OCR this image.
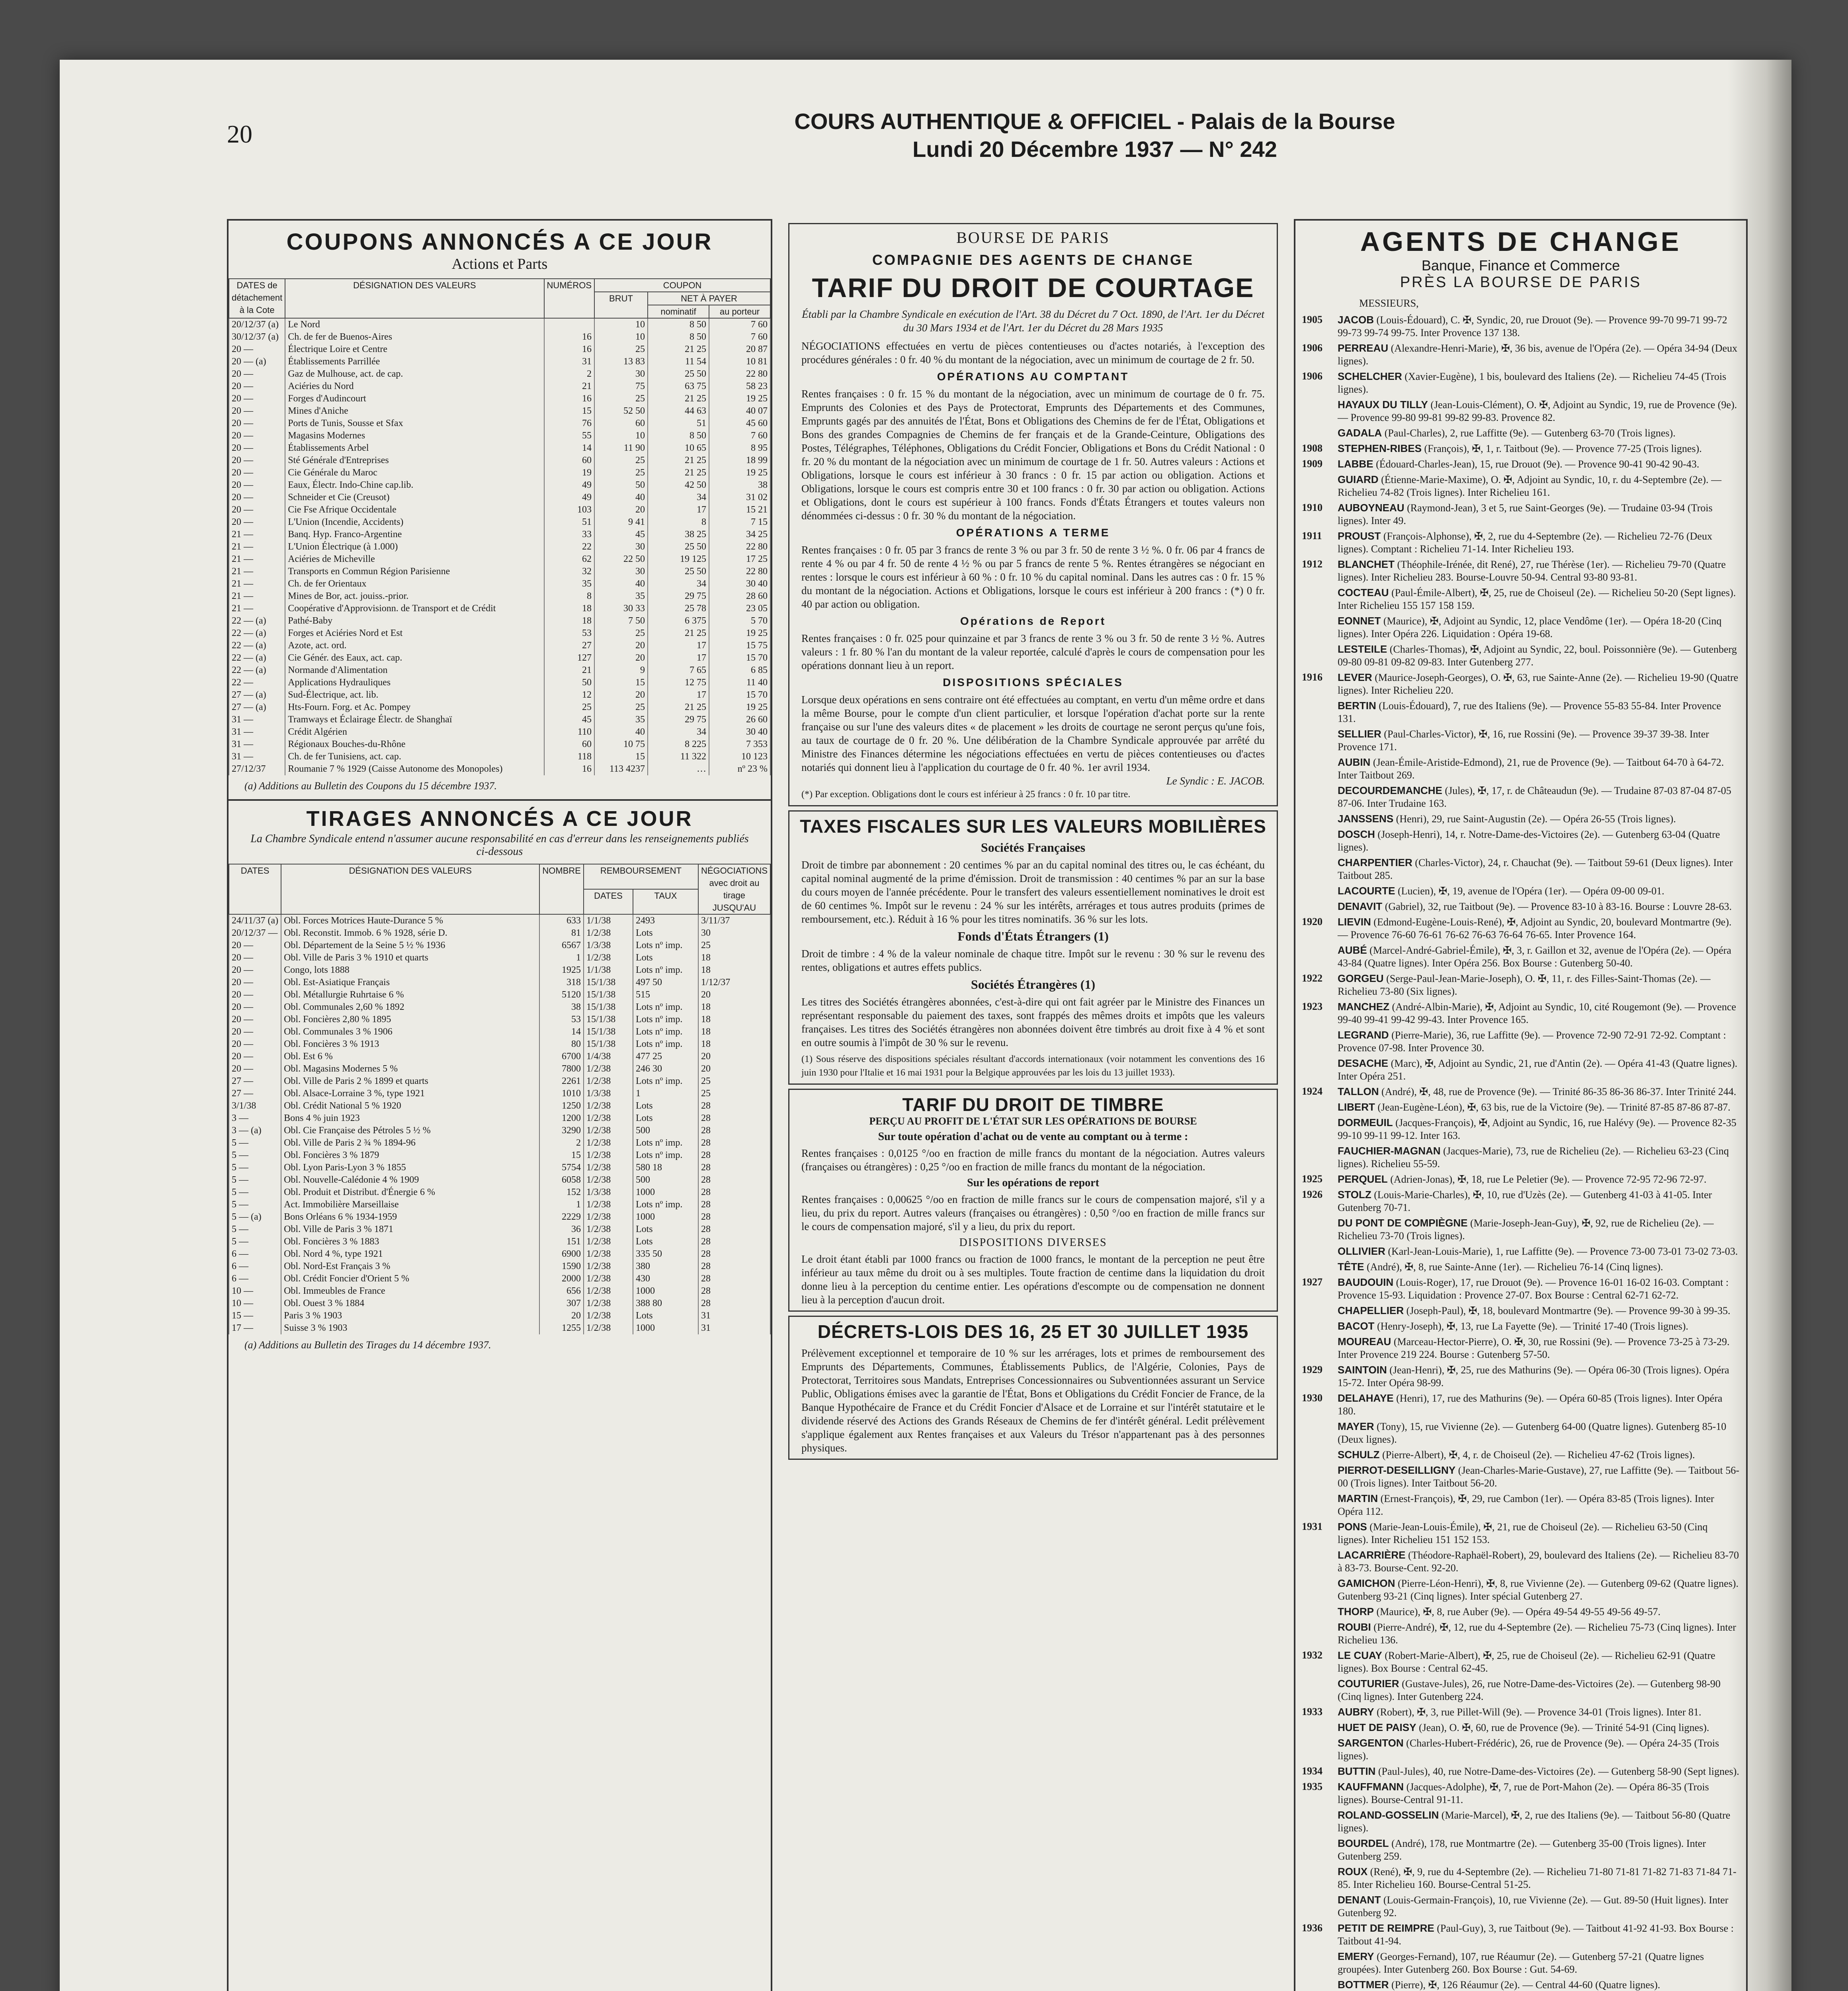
20	COURS AUTHENTIQUE & OFFICIEL - Palais de la Bourse
Lundi 20 Décembre 1937 — N° 242
COUPONS ANNONCÉS A CE JOUR
Actions et Parts
DATES de détachement à la Cote	DÉSIGNATION DES VALEURS	NUMÉROS	COUPON		
			BRUT	NET À PAYER	
				nominatif	au porteur
20/12/37 (a)	Le Nord		10	8 50	7 60
30/12/37 (a)	Ch. de fer de Buenos-Aires	16	10	8 50	7 60
20 —	Électrique Loire et Centre	16	25	21 25	20 87
20 — (a)	Établissements Parrillée	31	13 83	11 54	10 81
20 —	Gaz de Mulhouse, act. de cap.	2	30	25 50	22 80
20 —	Aciéries du Nord	21	75	63 75	58 23
20 —	Forges d'Audincourt	16	25	21 25	19 25
20 —	Mines d'Aniche	15	52 50	44 63	40 07
20 —	Ports de Tunis, Sousse et Sfax	76	60	51	45 60
20 —	Magasins Modernes	55	10	8 50	7 60
20 —	Établissements Arbel	14	11 90	10 65	8 95
20 —	Sté Générale d'Entreprises	60	25	21 25	18 99
20 —	Cie Générale du Maroc	19	25	21 25	19 25
20 —	Eaux, Électr. Indo-Chine cap.lib.	49	50	42 50	38
20 —	Schneider et Cie (Creusot)	49	40	34	31 02
20 —	Cie Fse Afrique Occidentale	103	20	17	15 21
20 —	L'Union (Incendie, Accidents)	51	9 41	8	7 15
21 —	Banq. Hyp. Franco-Argentine	33	45	38 25	34 25
21 —	L'Union Électrique (à 1.000)	22	30	25 50	22 80
21 —	Aciéries de Micheville	62	22 50	19 125	17 25
21 —	Transports en Commun Région Parisienne	32	30	25 50	22 80
21 —	Ch. de fer Orientaux	35	40	34	30 40
21 —	Mines de Bor, act. jouiss.-prior.	8	35	29 75	28 60
21 —	Coopérative d'Approvisionn. de Transport et de Crédit	18	30 33	25 78	23 05
22 — (a)	Pathé-Baby	18	7 50	6 375	5 70
22 — (a)	Forges et Aciéries Nord et Est	53	25	21 25	19 25
22 — (a)	Azote, act. ord.	27	20	17	15 75
22 — (a)	Cie Génér. des Eaux, act. cap.	127	20	17	15 70
22 — (a)	Normande d'Alimentation	21	9	7 65	6 85
22 —	Applications Hydrauliques	50	15	12 75	11 40
27 — (a)	Sud-Électrique, act. lib.	12	20	17	15 70
27 — (a)	Hts-Fourn. Forg. et Ac. Pompey	25	25	21 25	19 25
31 —	Tramways et Éclairage Électr. de Shanghaï	45	35	29 75	26 60
31 —	Crédit Algérien	110	40	34	30 40
31 —	Régionaux Bouches-du-Rhône	60	10 75	8 225	7 353
31 —	Ch. de fer Tunisiens, act. cap.	118	15	11 322	10 123
27/12/37	Roumanie 7 % 1929 (Caisse Autonome des Monopoles)	16	113 4237	…	nº 23 %
(a) Additions au Bulletin des Coupons du 15 décembre 1937.
TIRAGES ANNONCÉS A CE JOUR
La Chambre Syndicale entend n'assumer aucune responsabilité en cas d'erreur dans les renseignements publiés ci-dessous
DATES	DÉSIGNATION DES VALEURS	NOMBRE	REMBOURSEMENT		NÉGOCIATIONS avec droit au tirage JUSQU'AU
			DATES	TAUX	
24/11/37 (a)	Obl. Forces Motrices Haute-Durance 5 %	633	1/1/38	2493	3/11/37
20/12/37 —	Obl. Reconstit. Immob. 6 % 1928, série D.	81	1/2/38	Lots	30
20 —	Obl. Département de la Seine 5 ½ % 1936	6567	1/3/38	Lots nº imp.	25
20 —	Obl. Ville de Paris 3 % 1910 et quarts	1	1/2/38	Lots	18
20 —	Congo, lots 1888	1925	1/1/38	Lots nº imp.	18
20 —	Obl. Est-Asiatique Français	318	15/1/38	497 50	1/12/37
20 —	Obl. Métallurgie Ruhrtaise 6 %	5120	15/1/38	515	20
20 —	Obl. Communales 2,60 % 1892	38	15/1/38	Lots nº imp.	18
20 —	Obl. Foncières 2,80 % 1895	53	15/1/38	Lots nº imp.	18
20 —	Obl. Communales 3 % 1906	14	15/1/38	Lots nº imp.	18
20 —	Obl. Foncières 3 % 1913	80	15/1/38	Lots nº imp.	18
20 —	Obl. Est 6 %	6700	1/4/38	477 25	20
20 —	Obl. Magasins Modernes 5 %	7800	1/2/38	246 30	20
27 —	Obl. Ville de Paris 2 % 1899 et quarts	2261	1/2/38	Lots nº imp.	25
27 —	Obl. Alsace-Lorraine 3 %, type 1921	1010	1/3/38	1	25
3/1/38	Obl. Crédit National 5 % 1920	1250	1/2/38	Lots	28
3 —	Bons 4 % juin 1923	1200	1/2/38	Lots	28
3 — (a)	Obl. Cie Française des Pétroles 5 ½ %	3290	1/2/38	500	28
5 —	Obl. Ville de Paris 2 ¾ % 1894-96	2	1/2/38	Lots nº imp.	28
5 —	Obl. Foncières 3 % 1879	15	1/2/38	Lots nº imp.	28
5 —	Obl. Lyon Paris-Lyon 3 % 1855	5754	1/2/38	580 18	28
5 —	Obl. Nouvelle-Calédonie 4 % 1909	6058	1/2/38	500	28
5 —	Obl. Produit et Distribut. d'Énergie 6 %	152	1/3/38	1000	28
5 —	Act. Immobilière Marseillaise	1	1/2/38	Lots nº imp.	28
5 — (a)	Bons Orléans 6 % 1934-1959	2229	1/2/38	1000	28
5 —	Obl. Ville de Paris 3 % 1871	36	1/2/38	Lots	28
5 —	Obl. Foncières 3 % 1883	151	1/2/38	Lots	28
6 —	Obl. Nord 4 %, type 1921	6900	1/2/38	335 50	28
6 —	Obl. Nord-Est Français 3 %	1590	1/2/38	380	28
6 —	Obl. Crédit Foncier d'Orient 5 %	2000	1/2/38	430	28
10 —	Obl. Immeubles de France	656	1/2/38	1000	28
10 —	Obl. Ouest 3 % 1884	307	1/2/38	388 80	28
15 —	Paris 3 % 1903	20	1/2/38	Lots	31
17 —	Suisse 3 % 1903	1255	1/2/38	1000	31
(a) Additions au Bulletin des Tirages du 14 décembre 1937.
BOURSE DE PARIS
COMPAGNIE DES AGENTS DE CHANGE
TARIF DU DROIT DE COURTAGE
Établi par la Chambre Syndicale en exécution de l'Art. 38 du Décret du 7 Oct. 1890, de l'Art. 1er du Décret du 30 Mars 1934 et de l'Art. 1er du Décret du 28 Mars 1935
NÉGOCIATIONS effectuées en vertu de pièces contentieuses ou d'actes notariés, à l'exception des procédures générales : 0 fr. 40 % du montant de la négociation, avec un minimum de courtage de 2 fr. 50.
OPÉRATIONS AU COMPTANT
Rentes françaises : 0 fr. 15 % du montant de la négociation, avec un minimum de courtage de 0 fr. 75. Emprunts des Colonies et des Pays de Protectorat, Emprunts des Départements et des Communes, Emprunts gagés par des annuités de l'État, Bons et Obligations des Chemins de fer de l'État, Obligations et Bons des grandes Compagnies de Chemins de fer français et de la Grande-Ceinture, Obligations des Postes, Télégraphes, Téléphones, Obligations du Crédit Foncier, Obligations et Bons du Crédit National : 0 fr. 20 % du montant de la négociation avec un minimum de courtage de 1 fr. 50. Autres valeurs : Actions et Obligations, lorsque le cours est inférieur à 30 francs : 0 fr. 15 par action ou obligation. Actions et Obligations, lorsque le cours est compris entre 30 et 100 francs : 0 fr. 30 par action ou obligation. Actions et Obligations, dont le cours est supérieur à 100 francs. Fonds d'États Étrangers et toutes valeurs non dénommées ci-dessus : 0 fr. 30 % du montant de la négociation.
OPÉRATIONS A TERME
Rentes françaises : 0 fr. 05 par 3 francs de rente 3 % ou par 3 fr. 50 de rente 3 ½ %. 0 fr. 06 par 4 francs de rente 4 % ou par 4 fr. 50 de rente 4 ½ % ou par 5 francs de rente 5 %. Rentes étrangères se négociant en rentes : lorsque le cours est inférieur à 60 % : 0 fr. 10 % du capital nominal. Dans les autres cas : 0 fr. 15 % du montant de la négociation. Actions et Obligations, lorsque le cours est inférieur à 200 francs : (*) 0 fr. 40 par action ou obligation.
Opérations de Report
Rentes françaises : 0 fr. 025 pour quinzaine et par 3 francs de rente 3 % ou 3 fr. 50 de rente 3 ½ %. Autres valeurs : 1 fr. 80 % l'an du montant de la valeur reportée, calculé d'après le cours de compensation pour les opérations donnant lieu à un report.
DISPOSITIONS SPÉCIALES
Lorsque deux opérations en sens contraire ont été effectuées au comptant, en vertu d'un même ordre et dans la même Bourse, pour le compte d'un client particulier, et lorsque l'opération d'achat porte sur la rente française ou sur l'une des valeurs dites « de placement » les droits de courtage ne seront perçus qu'une fois, au taux de courtage de 0 fr. 20 %. Une délibération de la Chambre Syndicale approuvée par arrêté du Ministre des Finances détermine les négociations effectuées en vertu de pièces contentieuses ou d'actes notariés qui donnent lieu à l'application du courtage de 0 fr. 40 %. 1er avril 1934.
Le Syndic : E. JACOB.
(*) Par exception. Obligations dont le cours est inférieur à 25 francs : 0 fr. 10 par titre.
TAXES FISCALES SUR LES VALEURS MOBILIÈRES
Sociétés Françaises
Droit de timbre par abonnement : 20 centimes % par an du capital nominal des titres ou, le cas échéant, du capital nominal augmenté de la prime d'émission. Droit de transmission : 40 centimes % par an sur la base du cours moyen de l'année précédente. Pour le transfert des valeurs essentiellement nominatives le droit est de 60 centimes %. Impôt sur le revenu : 24 % sur les intérêts, arrérages et tous autres produits (primes de remboursement, etc.). Réduit à 16 % pour les titres nominatifs. 36 % sur les lots.
Fonds d'États Étrangers (1)
Droit de timbre : 4 % de la valeur nominale de chaque titre. Impôt sur le revenu : 30 % sur le revenu des rentes, obligations et autres effets publics.
Sociétés Étrangères (1)
Les titres des Sociétés étrangères abonnées, c'est-à-dire qui ont fait agréer par le Ministre des Finances un représentant responsable du paiement des taxes, sont frappés des mêmes droits et impôts que les valeurs françaises. Les titres des Sociétés étrangères non abonnées doivent être timbrés au droit fixe à 4 % et sont en outre soumis à l'impôt de 30 % sur le revenu.
(1) Sous réserve des dispositions spéciales résultant d'accords internationaux (voir notamment les conventions des 16 juin 1930 pour l'Italie et 16 mai 1931 pour la Belgique approuvées par les lois du 13 juillet 1933).
TARIF DU DROIT DE TIMBRE
PERÇU AU PROFIT DE L'ÉTAT SUR LES OPÉRATIONS DE BOURSE
Sur toute opération d'achat ou de vente au comptant ou à terme :
Rentes françaises : 0,0125 °/oo en fraction de mille francs du montant de la négociation. Autres valeurs (françaises ou étrangères) : 0,25 °/oo en fraction de mille francs du montant de la négociation.
Sur les opérations de report
Rentes françaises : 0,00625 °/oo en fraction de mille francs sur le cours de compensation majoré, s'il y a lieu, du prix du report. Autres valeurs (françaises ou étrangères) : 0,50 °/oo en fraction de mille francs sur le cours de compensation majoré, s'il y a lieu, du prix du report.
DISPOSITIONS DIVERSES
Le droit étant établi par 1000 francs ou fraction de 1000 francs, le montant de la perception ne peut être inférieur au taux même du droit ou à ses multiples. Toute fraction de centime dans la liquidation du droit donne lieu à la perception du centime entier. Les opérations d'escompte ou de compensation ne donnent lieu à la perception d'aucun droit.
DÉCRETS-LOIS DES 16, 25 ET 30 JUILLET 1935
Prélèvement exceptionnel et temporaire de 10 % sur les arrérages, lots et primes de remboursement des Emprunts des Départements, Communes, Établissements Publics, de l'Algérie, Colonies, Pays de Protectorat, Territoires sous Mandats, Entreprises Concessionnaires ou Subventionnées assurant un Service Public, Obligations émises avec la garantie de l'État, Bons et Obligations du Crédit Foncier de France, de la Banque Hypothécaire de France et du Crédit Foncier d'Alsace et de Lorraine et sur l'intérêt statutaire et le dividende réservé des Actions des Grands Réseaux de Chemins de fer d'intérêt général. Ledit prélèvement s'applique également aux Rentes françaises et aux Valeurs du Trésor n'appartenant pas à des personnes physiques.
AGENTS DE CHANGE
Banque, Finance et Commerce
PRÈS LA BOURSE DE PARIS
MESSIEURS,
1905 JACOB (Louis-Édouard), C. ✠, Syndic, 20, rue Drouot (9e). — Provence 99-70 99-71 99-72 99-73 99-74 99-75. Inter Provence 137 138.
1906 PERREAU (Alexandre-Henri-Marie), ✠, 36 bis, avenue de l'Opéra (2e). — Opéra 34-94 (Deux lignes).
1906 SCHELCHER (Xavier-Eugène), 1 bis, boulevard des Italiens (2e). — Richelieu 74-45 (Trois lignes).
HAYAUX DU TILLY (Jean-Louis-Clément), O. ✠, Adjoint au Syndic, 19, rue de Provence (9e). — Provence 99-80 99-81 99-82 99-83. Provence 82.
GADALA (Paul-Charles), 2, rue Laffitte (9e). — Gutenberg 63-70 (Trois lignes).
1908 STEPHEN-RIBES (François), ✠, 1, r. Taitbout (9e). — Provence 77-25 (Trois lignes).
1909 LABBE (Édouard-Charles-Jean), 15, rue Drouot (9e). — Provence 90-41 90-42 90-43.
GUIARD (Étienne-Marie-Maxime), O. ✠, Adjoint au Syndic, 10, r. du 4-Septembre (2e). — Richelieu 74-82 (Trois lignes). Inter Richelieu 161.
1910 AUBOYNEAU (Raymond-Jean), 3 et 5, rue Saint-Georges (9e). — Trudaine 03-94 (Trois lignes). Inter 49.
1911 PROUST (François-Alphonse), ✠, 2, rue du 4-Septembre (2e). — Richelieu 72-76 (Deux lignes). Comptant : Richelieu 71-14. Inter Richelieu 193.
1912 BLANCHET (Théophile-Irénée, dit René), 27, rue Thérèse (1er). — Richelieu 79-70 (Quatre lignes). Inter Richelieu 283. Bourse-Louvre 50-94. Central 93-80 93-81.
COCTEAU (Paul-Émile-Albert), ✠, 25, rue de Choiseul (2e). — Richelieu 50-20 (Sept lignes). Inter Richelieu 155 157 158 159.
EONNET (Maurice), ✠, Adjoint au Syndic, 12, place Vendôme (1er). — Opéra 18-20 (Cinq lignes). Inter Opéra 226. Liquidation : Opéra 19-68.
LESTEILE (Charles-Thomas), ✠, Adjoint au Syndic, 22, boul. Poissonnière (9e). — Gutenberg 09-80 09-81 09-82 09-83. Inter Gutenberg 277.
1916 LEVER (Maurice-Joseph-Georges), O. ✠, 63, rue Sainte-Anne (2e). — Richelieu 19-90 (Quatre lignes). Inter Richelieu 220.
BERTIN (Louis-Édouard), 7, rue des Italiens (9e). — Provence 55-83 55-84. Inter Provence 131.
SELLIER (Paul-Charles-Victor), ✠, 16, rue Rossini (9e). — Provence 39-37 39-38. Inter Provence 171.
AUBIN (Jean-Émile-Aristide-Edmond), 21, rue de Provence (9e). — Taitbout 64-70 à 64-72. Inter Taitbout 269.
DECOURDEMANCHE (Jules), ✠, 17, r. de Châteaudun (9e). — Trudaine 87-03 87-04 87-05 87-06. Inter Trudaine 163.
JANSSENS (Henri), 29, rue Saint-Augustin (2e). — Opéra 26-55 (Trois lignes).
DOSCH (Joseph-Henri), 14, r. Notre-Dame-des-Victoires (2e). — Gutenberg 63-04 (Quatre lignes).
CHARPENTIER (Charles-Victor), 24, r. Chauchat (9e). — Taitbout 59-61 (Deux lignes). Inter Taitbout 285.
LACOURTE (Lucien), ✠, 19, avenue de l'Opéra (1er). — Opéra 09-00 09-01.
DENAVIT (Gabriel), 32, rue Taitbout (9e). — Provence 83-10 à 83-16. Bourse : Louvre 28-63.
1920 LIEVIN (Edmond-Eugène-Louis-René), ✠, Adjoint au Syndic, 20, boulevard Montmartre (9e). — Provence 76-60 76-61 76-62 76-63 76-64 76-65. Inter Provence 164.
AUBÉ (Marcel-André-Gabriel-Émile), ✠, 3, r. Gaillon et 32, avenue de l'Opéra (2e). — Opéra 43-84 (Quatre lignes). Inter Opéra 256. Box Bourse : Gutenberg 50-40.
1922 GORGEU (Serge-Paul-Jean-Marie-Joseph), O. ✠, 11, r. des Filles-Saint-Thomas (2e). — Richelieu 73-80 (Six lignes).
1923 MANCHEZ (André-Albin-Marie), ✠, Adjoint au Syndic, 10, cité Rougemont (9e). — Provence 99-40 99-41 99-42 99-43. Inter Provence 165.
LEGRAND (Pierre-Marie), 36, rue Laffitte (9e). — Provence 72-90 72-91 72-92. Comptant : Provence 07-98. Inter Provence 30.
DESACHE (Marc), ✠, Adjoint au Syndic, 21, rue d'Antin (2e). — Opéra 41-43 (Quatre lignes). Inter Opéra 251.
1924 TALLON (André), ✠, 48, rue de Provence (9e). — Trinité 86-35 86-36 86-37. Inter Trinité 244.
LIBERT (Jean-Eugène-Léon), ✠, 63 bis, rue de la Victoire (9e). — Trinité 87-85 87-86 87-87.
DORMEUIL (Jacques-François), ✠, Adjoint au Syndic, 16, rue Halévy (9e). — Provence 82-35 99-10 99-11 99-12. Inter 163.
FAUCHIER-MAGNAN (Jacques-Marie), 73, rue de Richelieu (2e). — Richelieu 63-23 (Cinq lignes). Richelieu 55-59.
1925 PERQUEL (Adrien-Jonas), ✠, 18, rue Le Peletier (9e). — Provence 72-95 72-96 72-97.
1926 STOLZ (Louis-Marie-Charles), ✠, 10, rue d'Uzès (2e). — Gutenberg 41-03 à 41-05. Inter Gutenberg 70-71.
DU PONT DE COMPIÈGNE (Marie-Joseph-Jean-Guy), ✠, 92, rue de Richelieu (2e). — Richelieu 73-70 (Trois lignes).
OLLIVIER (Karl-Jean-Louis-Marie), 1, rue Laffitte (9e). — Provence 73-00 73-01 73-02 73-03.
TÊTE (André), ✠, 8, rue Sainte-Anne (1er). — Richelieu 76-14 (Cinq lignes).
1927 BAUDOUIN (Louis-Roger), 17, rue Drouot (9e). — Provence 16-01 16-02 16-03. Comptant : Provence 15-93. Liquidation : Provence 27-07. Box Bourse : Central 62-71 62-72.
CHAPELLIER (Joseph-Paul), ✠, 18, boulevard Montmartre (9e). — Provence 99-30 à 99-35.
BACOT (Henry-Joseph), ✠, 13, rue La Fayette (9e). — Trinité 17-40 (Trois lignes).
MOUREAU (Marceau-Hector-Pierre), O. ✠, 30, rue Rossini (9e). — Provence 73-25 à 73-29. Inter Provence 219 224. Bourse : Gutenberg 57-50.
1929 SAINTOIN (Jean-Henri), ✠, 25, rue des Mathurins (9e). — Opéra 06-30 (Trois lignes). Opéra 15-72. Inter Opéra 98-99.
1930 DELAHAYE (Henri), 17, rue des Mathurins (9e). — Opéra 60-85 (Trois lignes). Inter Opéra 180.
MAYER (Tony), 15, rue Vivienne (2e). — Gutenberg 64-00 (Quatre lignes). Gutenberg 85-10 (Deux lignes).
SCHULZ (Pierre-Albert), ✠, 4, r. de Choiseul (2e). — Richelieu 47-62 (Trois lignes).
PIERROT-DESEILLIGNY (Jean-Charles-Marie-Gustave), 27, rue Laffitte (9e). — Taitbout 56-00 (Trois lignes). Inter Taitbout 56-20.
MARTIN (Ernest-François), ✠, 29, rue Cambon (1er). — Opéra 83-85 (Trois lignes). Inter Opéra 112.
1931 PONS (Marie-Jean-Louis-Émile), ✠, 21, rue de Choiseul (2e). — Richelieu 63-50 (Cinq lignes). Inter Richelieu 151 152 153.
LACARRIÈRE (Théodore-Raphaël-Robert), 29, boulevard des Italiens (2e). — Richelieu 83-70 à 83-73. Bourse-Cent. 92-20.
GAMICHON (Pierre-Léon-Henri), ✠, 8, rue Vivienne (2e). — Gutenberg 09-62 (Quatre lignes). Gutenberg 93-21 (Cinq lignes). Inter spécial Gutenberg 27.
THORP (Maurice), ✠, 8, rue Auber (9e). — Opéra 49-54 49-55 49-56 49-57.
ROUBI (Pierre-André), ✠, 12, rue du 4-Septembre (2e). — Richelieu 75-73 (Cinq lignes). Inter Richelieu 136.
1932 LE CUAY (Robert-Marie-Albert), ✠, 25, rue de Choiseul (2e). — Richelieu 62-91 (Quatre lignes). Box Bourse : Central 62-45.
COUTURIER (Gustave-Jules), 26, rue Notre-Dame-des-Victoires (2e). — Gutenberg 98-90 (Cinq lignes). Inter Gutenberg 224.
1933 AUBRY (Robert), ✠, 3, rue Pillet-Will (9e). — Provence 34-01 (Trois lignes). Inter 81.
HUET DE PAISY (Jean), O. ✠, 60, rue de Provence (9e). — Trinité 54-91 (Cinq lignes).
SARGENTON (Charles-Hubert-Frédéric), 26, rue de Provence (9e). — Opéra 24-35 (Trois lignes).
1934 BUTTIN (Paul-Jules), 40, rue Notre-Dame-des-Victoires (2e). — Gutenberg 58-90 (Sept lignes).
1935 KAUFFMANN (Jacques-Adolphe), ✠, 7, rue de Port-Mahon (2e). — Opéra 86-35 (Trois lignes). Bourse-Central 91-11.
ROLAND-GOSSELIN (Marie-Marcel), ✠, 2, rue des Italiens (9e). — Taitbout 56-80 (Quatre lignes).
BOURDEL (André), 178, rue Montmartre (2e). — Gutenberg 35-00 (Trois lignes). Inter Gutenberg 259.
ROUX (René), ✠, 9, rue du 4-Septembre (2e). — Richelieu 71-80 71-81 71-82 71-83 71-84 71-85. Inter Richelieu 160. Bourse-Central 51-25.
DENANT (Louis-Germain-François), 10, rue Vivienne (2e). — Gut. 89-50 (Huit lignes). Inter Gutenberg 92.
1936 PETIT DE REIMPRE (Paul-Guy), 3, rue Taitbout (9e). — Taitbout 41-92 41-93. Box Bourse : Taitbout 41-94.
EMERY (Georges-Fernand), 107, rue Réaumur (2e). — Gutenberg 57-21 (Quatre lignes groupées). Inter Gutenberg 260. Box Bourse : Gut. 54-69.
BOTTMER (Pierre), ✠, 126 Réaumur (2e). — Central 44-60 (Quatre lignes).
